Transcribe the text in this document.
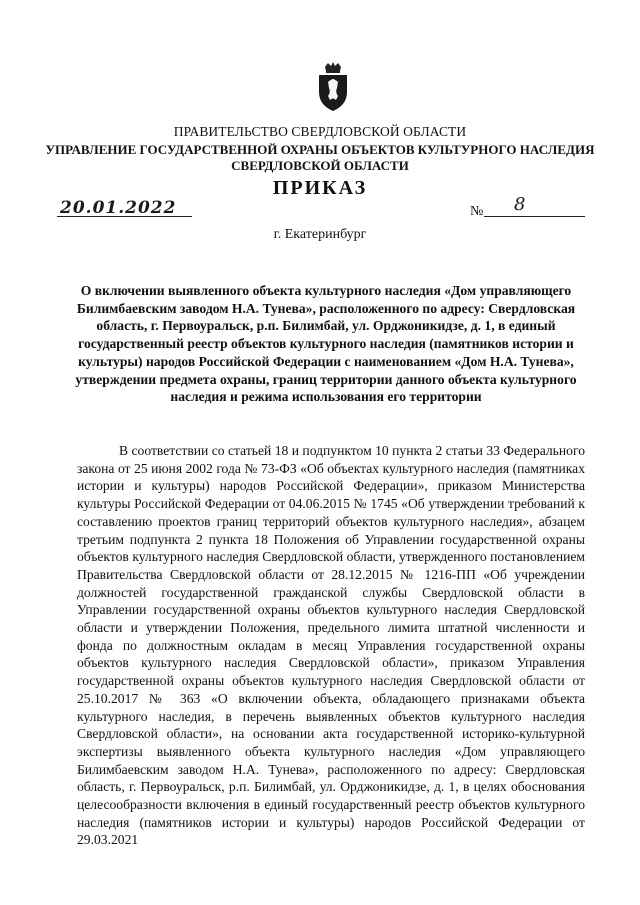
ПРАВИТЕЛЬСТВО СВЕРДЛОВСКОЙ ОБЛАСТИ
УПРАВЛЕНИЕ ГОСУДАРСТВЕННОЙ ОХРАНЫ ОБЪЕКТОВ КУЛЬТУРНОГО НАСЛЕДИЯ СВЕРДЛОВСКОЙ ОБЛАСТИ
ПРИКАЗ
20.01.2022	№ 8
г. Екатеринбург
О включении выявленного объекта культурного наследия «Дом управляющего Билимбаевским заводом Н.А. Тунева», расположенного по адресу: Свердловская область, г. Первоуральск, р.п. Билимбай, ул. Орджоникидзе, д. 1, в единый государственный реестр объектов культурного наследия (памятников истории и культуры) народов Российской Федерации с наименованием «Дом Н.А. Тунева», утверждении предмета охраны, границ территории данного объекта культурного наследия и режима использования его территории
В соответствии со статьей 18 и подпунктом 10 пункта 2 статьи 33 Федерального закона от 25 июня 2002 года № 73-ФЗ «Об объектах культурного наследия (памятниках истории и культуры) народов Российской Федерации», приказом Министерства культуры Российской Федерации от 04.06.2015 № 1745 «Об утверждении требований к составлению проектов границ территорий объектов культурного наследия», абзацем третьим подпункта 2 пункта 18 Положения об Управлении государственной охраны объектов культурного наследия Свердловской области, утвержденного постановлением Правительства Свердловской области от 28.12.2015 № 1216-ПП «Об учреждении должностей государственной гражданской службы Свердловской области в Управлении государственной охраны объектов культурного наследия Свердловской области и утверждении Положения, предельного лимита штатной численности и фонда по должностным окладам в месяц Управления государственной охраны объектов культурного наследия Свердловской области», приказом Управления государственной охраны объектов культурного наследия Свердловской области от 25.10.2017 № 363 «О включении объекта, обладающего признаками объекта культурного наследия, в перечень выявленных объектов культурного наследия Свердловской области», на основании акта государственной историко-культурной экспертизы выявленного объекта культурного наследия «Дом управляющего Билимбаевским заводом Н.А. Тунева», расположенного по адресу: Свердловская область, г. Первоуральск, р.п. Билимбай, ул. Орджоникидзе, д. 1, в целях обоснования целесообразности включения в единый государственный реестр объектов культурного наследия (памятников истории и культуры) народов Российской Федерации от 29.03.2021
